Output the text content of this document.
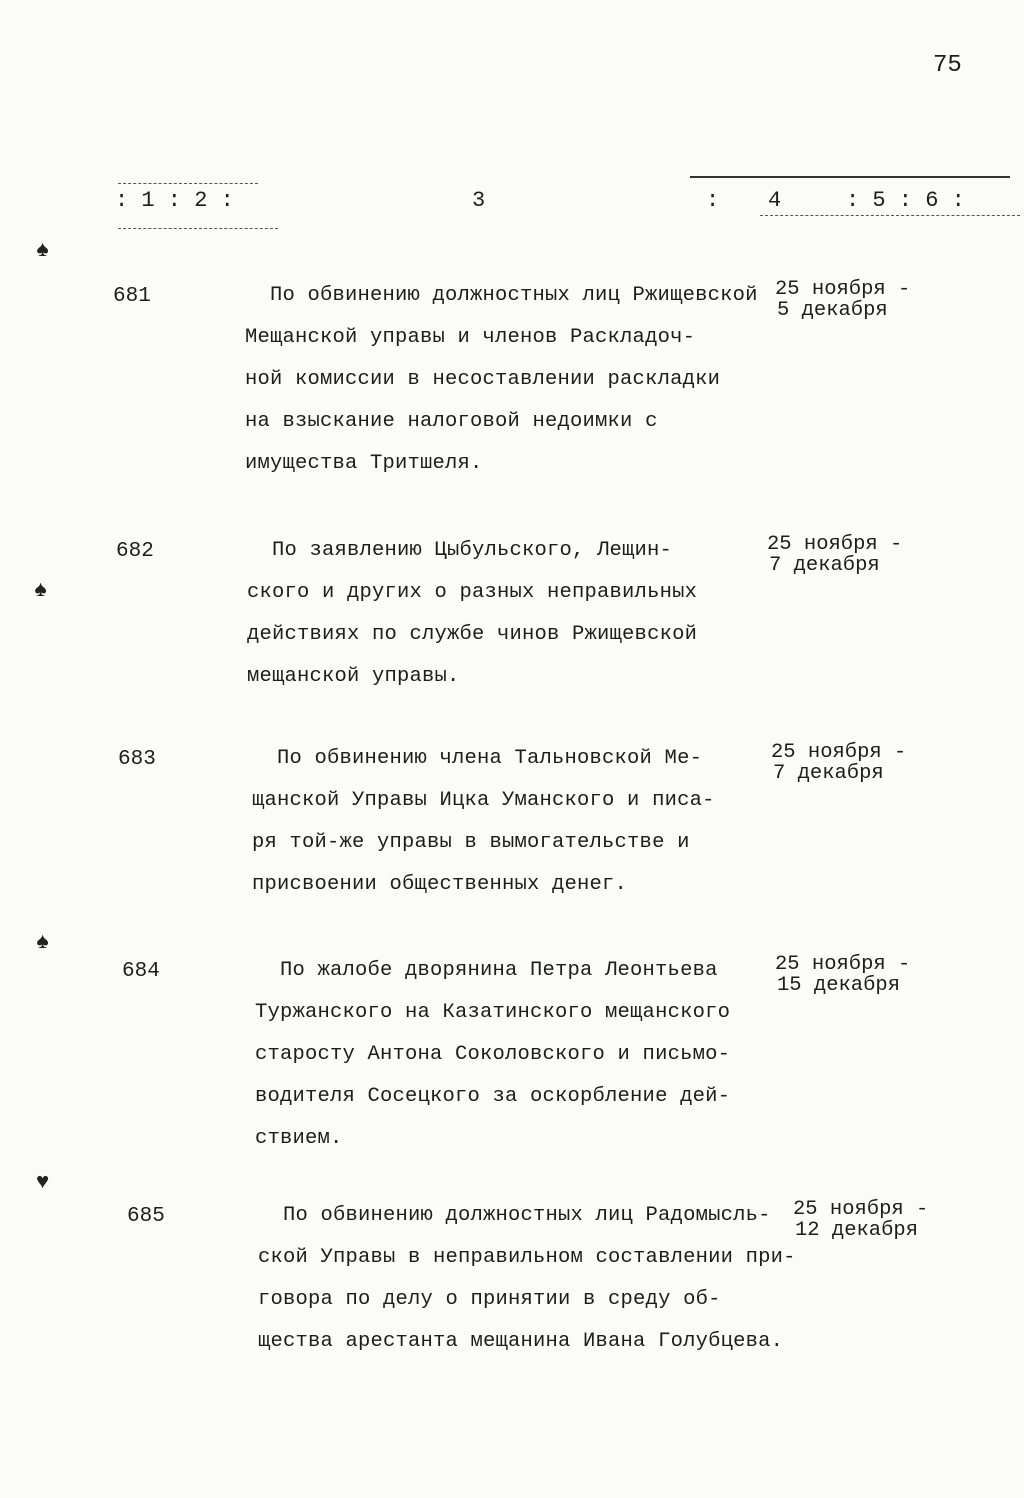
75
: 1 : 2 :	3	: 4	: 5 : 6 :
681	По обвинению должностных лиц Ржищевской
Мещанской управы и членов Раскладоч-
ной комиссии в несоставлении раскладки
на взыскание налоговой недоимки с
имущества Тритшеля.
25 ноября -
5 декабря
682	По заявлению Цыбульского, Лещин-
ского и других о разных неправильных
действиях по службе чинов Ржищевской
мещанской управы.
25 ноября -
7 декабря
683	По обвинению члена Тальновской Ме-
щанской Управы Ицка Уманского и писа-
ря той-же управы в вымогательстве и
присвоении общественных денег.
25 ноября -
7 декабря
684	По жалобе дворянина Петра Леонтьева
Туржанского на Казатинского мещанского
старосту Антона Соколовского и письмо-
водителя Сосецкого за оскорбление дей-
ствием.
25 ноября -
15 декабря
685	По обвинению должностных лиц Радомысль-
ской Управы в неправильном составлении при-
говора по делу о принятии в среду об-
щества арестанта мещанина Ивана Голубцева.
25 ноября -
12 декабря
♠
♠
♠
♥
